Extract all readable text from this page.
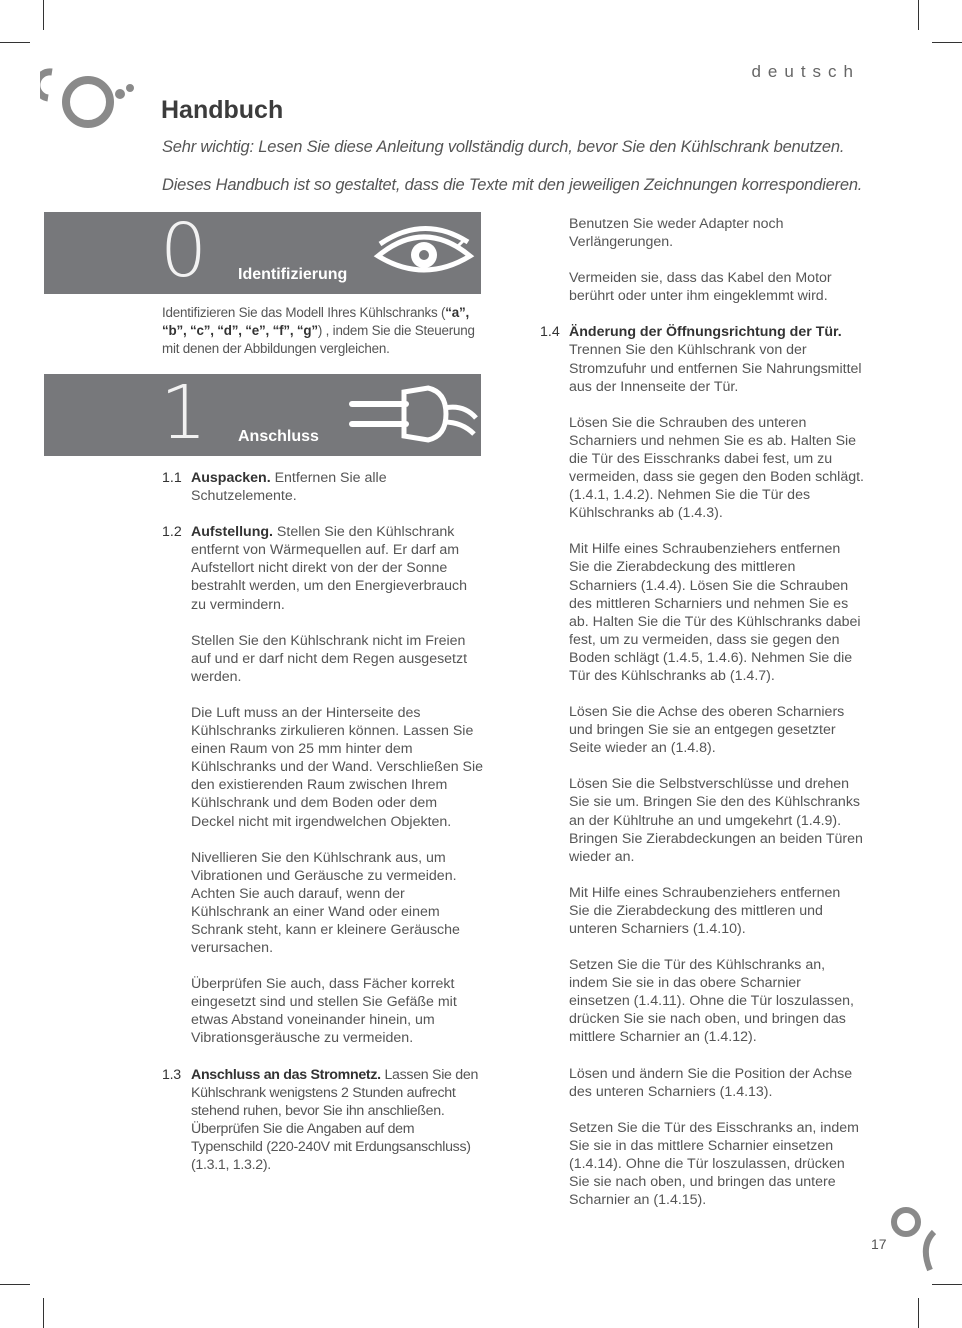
deutsch
Handbuch
Sehr wichtig: Lesen Sie diese Anleitung vollständig durch, bevor Sie den Kühlschrank benutzen.
Dieses Handbuch ist so gestaltet, dass die Texte mit den jeweiligen Zeichnungen korrespondieren.
0 Identifizierung
Identifizieren Sie das Modell Ihres Kühlschranks (“a”, “b”, “c”, “d”, “e”, “f”, “g”) , indem Sie die Steuerung mit denen der Abbildungen vergleichen.
1 Anschluss
1.1 Auspacken. Entfernen Sie alle Schutzelemente.
1.2 Aufstellung. Stellen Sie den Kühlschrank entfernt von Wärmequellen auf. Er darf am Aufstellort nicht direkt von der der Sonne bestrahlt werden, um den Energieverbrauch zu vermindern.

Stellen Sie den Kühlschrank nicht im Freien auf und er darf nicht dem Regen ausgesetzt werden.

Die Luft muss an der Hinterseite des Kühlschranks zirkulieren können. Lassen Sie einen Raum von 25 mm hinter dem Kühlschranks und der Wand. Verschließen Sie den existierenden Raum zwischen Ihrem Kühlschrank und dem Boden oder dem Deckel nicht mit irgendwelchen Objekten.

Nivellieren Sie den Kühlschrank aus, um Vibrationen und Geräusche zu vermeiden. Achten Sie auch darauf, wenn der Kühlschrank an einer Wand oder einem Schrank steht, kann er kleinere Geräusche verursachen.

Überprüfen Sie auch, dass Fächer korrekt eingesetzt sind und stellen Sie Gefäße mit etwas Abstand voneinander hinein, um Vibrationsgeräusche zu vermeiden.

1.3 Anschluss an das Stromnetz. Lassen Sie den Kühlschrank wenigstens 2 Stunden aufrecht stehend ruhen, bevor Sie ihn anschließen. Überprüfen Sie die Angaben auf dem Typenschild (220-240V mit Erdungsanschluss) (1.3.1, 1.3.2).

Benutzen Sie weder Adapter noch Verlängerungen.

Vermeiden sie, dass das Kabel den Motor berührt oder unter ihm eingeklemmt wird.

1.4 Änderung der Öffnungsrichtung der Tür. Trennen Sie den Kühlschrank von der Stromzufuhr und entfernen Sie Nahrungsmittel aus der Innenseite der Tür.

Lösen Sie die Schrauben des unteren Scharniers und nehmen Sie es ab. Halten Sie die Tür des Eisschranks dabei fest, um zu vermeiden, dass sie gegen den Boden schlägt. (1.4.1, 1.4.2). Nehmen Sie die Tür des Kühlschranks ab (1.4.3).

Mit Hilfe eines Schraubenziehers entfernen Sie die Zierabdeckung des mittleren Scharniers (1.4.4). Lösen Sie die Schrauben des mittleren Scharniers und nehmen Sie es ab. Halten Sie die Tür des Kühlschranks dabei fest, um zu vermeiden, dass sie gegen den Boden schlägt (1.4.5, 1.4.6). Nehmen Sie die Tür des Kühlschranks ab (1.4.7).

Lösen Sie die Achse des oberen Scharniers und bringen Sie sie an entgegen gesetzter Seite wieder an (1.4.8).

Lösen Sie die Selbstverschlüsse und drehen Sie sie um. Bringen Sie den des Kühlschranks an der Kühltruhe an und umgekehrt (1.4.9). Bringen Sie Zierabdeckungen an beiden Türen wieder an.

Mit Hilfe eines Schraubenziehers entfernen Sie die Zierabdeckung des mittleren und unteren Scharniers (1.4.10).

Setzen Sie die Tür des Kühlschranks an, indem Sie sie in das obere Scharnier einsetzen (1.4.11). Ohne die Tür loszulassen, drücken Sie sie nach oben, und bringen das mittlere Scharnier an (1.4.12).

Lösen und ändern Sie die Position der Achse des unteren Scharniers (1.4.13).

Setzen Sie die Tür des Eisschranks an, indem Sie sie in das mittlere Scharnier einsetzen (1.4.14). Ohne die Tür loszulassen, drücken Sie sie nach oben, und bringen das untere Scharnier an (1.4.15).

17
